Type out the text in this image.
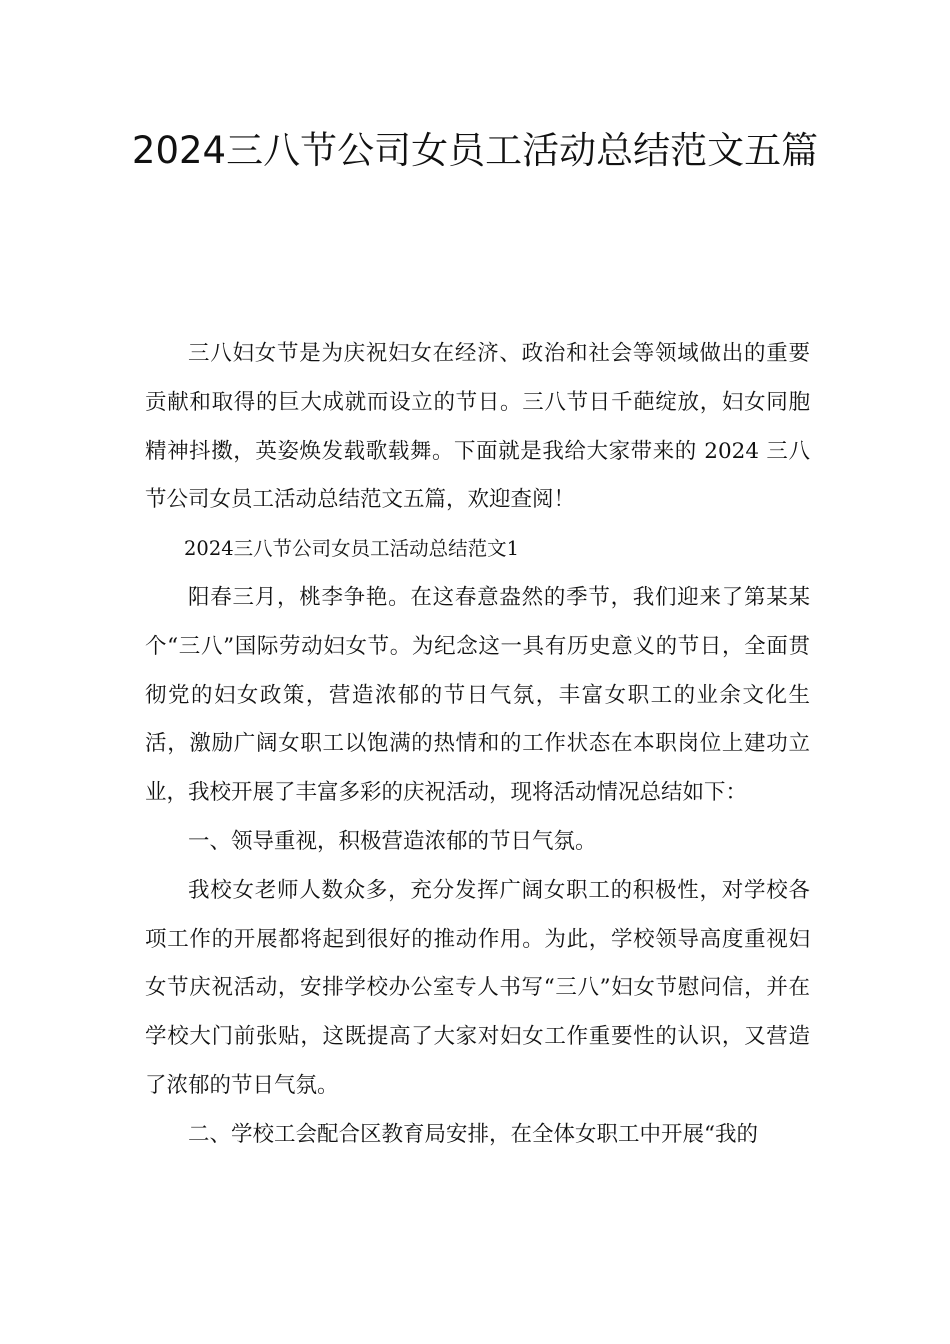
2024三八节公司女员工活动总结范文五篇

三八妇女节是为庆祝妇女在经济、政治和社会等领域做出的重要贡献和取得的巨大成就而设立的节日。三八节日千葩绽放，妇女同胞精神抖擞，英姿焕发载歌载舞。下面就是我给大家带来的 2024 三八节公司女员工活动总结范文五篇，欢迎查阅！

2024三八节公司女员工活动总结范文1

阳春三月，桃李争艳。在这春意盎然的季节，我们迎来了第某某个“三八”国际劳动妇女节。为纪念这一具有历史意义的节日，全面贯彻党的妇女政策，营造浓郁的节日气氛，丰富女职工的业余文化生活，激励广阔女职工以饱满的热情和的工作状态在本职岗位上建功立业，我校开展了丰富多彩的庆祝活动，现将活动情况总结如下：

一、领导重视，积极营造浓郁的节日气氛。

我校女老师人数众多，充分发挥广阔女职工的积极性，对学校各项工作的开展都将起到很好的推动作用。为此，学校领导高度重视妇女节庆祝活动，安排学校办公室专人书写“三八”妇女节慰问信，并在学校大门前张贴，这既提高了大家对妇女工作重要性的认识，又营造了浓郁的节日气氛。

二、学校工会配合区教育局安排，在全体女职工中开展“我的
